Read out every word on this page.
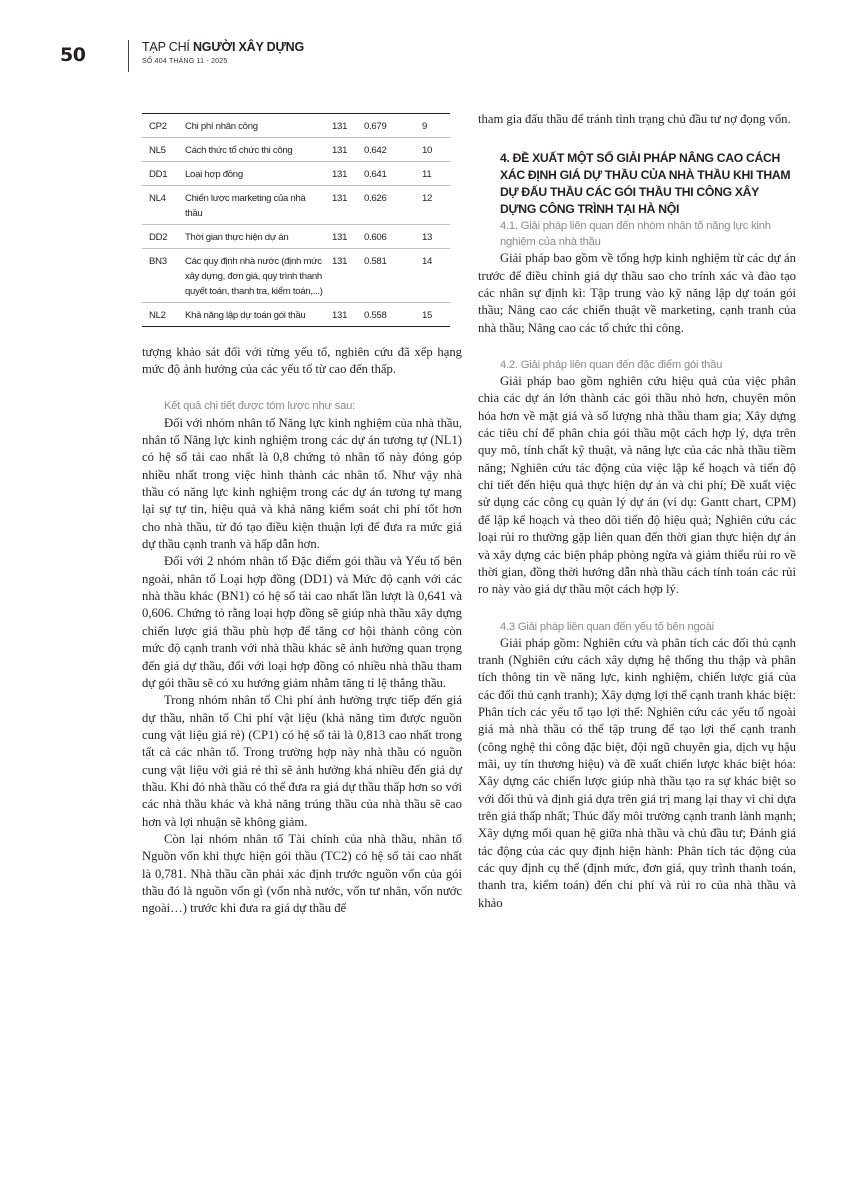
50	TẠP CHÍ NGƯỜI XÂY DỰNG
SỐ 404 THÁNG 11 - 2025
CP2	Chi phí nhân công	131	0.679	9
NL5	Cách thức tổ chức thi công	131	0.642	10
DD1	Loại hợp đồng	131	0.641	11
NL4	Chiến lược marketing của nhà thầu	131	0.626	12
DD2	Thời gian thực hiện dự án	131	0.606	13
BN3	Các quy định nhà nước (định mức xây dựng, đơn giá, quy trình thanh quyết toán, thanh tra, kiểm toán,...)	131	0.581	14
NL2	Khả năng lập dự toán gói thầu	131	0.558	15

tượng khảo sát đối với từng yếu tố, nghiên cứu đã xếp hạng mức độ ảnh hưởng của các yếu tố từ cao đến thấp.

Kết quả chi tiết được tóm lược như sau:

Đối với nhóm nhân tố Năng lực kinh nghiệm của nhà thầu, nhân tố Năng lực kinh nghiệm trong các dự án tương tự (NL1) có hệ số tải cao nhất là 0,8 chứng tỏ nhân tố này đóng góp nhiều nhất trong việc hình thành các nhân tố. Như vậy nhà thầu có năng lực kinh nghiệm trong các dự án tương tự mang lại sự tự tin, hiệu quả và khả năng kiểm soát chi phí tốt hơn cho nhà thầu, từ đó tạo điều kiện thuận lợi để đưa ra mức giá dự thầu cạnh tranh và hấp dẫn hơn.

Đối với 2 nhóm nhân tố Đặc điểm gói thầu và Yếu tố bên ngoài, nhân tố Loại hợp đồng (DD1) và Mức độ cạnh với các nhà thầu khác (BN1) có hệ số tải cao nhất lần lượt là 0,641 và 0,606. Chứng tỏ rằng loại hợp đồng sẽ giúp nhà thầu xây dựng chiến lược giá thầu phù hợp để tăng cơ hội thành công còn mức độ cạnh tranh với nhà thầu khác sẽ ảnh hưởng quan trọng đến giá dự thầu, đối với loại hợp đồng có nhiều nhà thầu tham dự gói thầu sẽ có xu hướng giảm nhằm tăng tỉ lệ thắng thầu.

Trong nhóm nhân tố Chi phí ảnh hưởng trực tiếp đến giá dự thầu, nhân tố Chi phí vật liệu (khả năng tìm được nguồn cung vật liệu giá rẻ) (CP1) có hệ số tải là 0,813 cao nhất trong tất cả các nhân tố. Trong trường hợp này nhà thầu có nguồn cung vật liệu với giá rẻ thì sẽ ảnh hưởng khá nhiều đến giá dự thầu. Khi đó nhà thầu có thể đưa ra giá dự thầu thấp hơn so với các nhà thầu khác và khả năng trúng thầu của nhà thầu sẽ cao hơn và lợi nhuận sẽ không giảm.

Còn lại nhóm nhân tố Tài chính của nhà thầu, nhân tố Nguồn vốn khi thực hiện gói thầu (TC2) có hệ số tải cao nhất là 0,781. Nhà thầu cần phải xác định trước nguồn vốn của gói thầu đó là nguồn vốn gì (vốn nhà nước, vốn tư nhân, vốn nước ngoài…) trước khi đưa ra giá dự thầu để

tham gia đấu thầu để tránh tình trạng chủ đầu tư nợ đọng vốn.

4. ĐỀ XUẤT MỘT SỐ GIẢI PHÁP NÂNG CAO CÁCH XÁC ĐỊNH GIÁ DỰ THẦU CỦA NHÀ THẦU KHI THAM DỰ ĐẤU THẦU CÁC GÓI THẦU THI CÔNG XÂY DỰNG CÔNG TRÌNH TẠI HÀ NỘI
4.1. Giải pháp liên quan đến nhóm nhân tố năng lực kinh nghiệm của nhà thầu

Giải pháp bao gồm về tổng hợp kinh nghiệm từ các dự án trước để điều chỉnh giá dự thầu sao cho trính xác và đào tạo các nhân sự định kì: Tập trung vào kỹ năng lập dự toán gói thầu; Nâng cao các chiến thuật về marketing, cạnh tranh của nhà thầu; Nâng cao các tổ chức thi công.

4.2. Giải pháp liên quan đến đặc điểm gói thầu

Giải pháp bao gồm nghiên cứu hiệu quả của việc phân chia các dự án lớn thành các gói thầu nhỏ hơn, chuyên môn hóa hơn về mặt giá và số lượng nhà thầu tham gia; Xây dựng các tiêu chí để phân chia gói thầu một cách hợp lý, dựa trên quy mô, tính chất kỹ thuật, và năng lực của các nhà thầu tiềm năng; Nghiên cứu tác động của việc lập kế hoạch và tiến độ chi tiết đến hiệu quả thực hiện dự án và chi phí; Đề xuất việc sử dụng các công cụ quản lý dự án (ví dụ: Gantt chart, CPM) để lập kế hoạch và theo dõi tiến độ hiệu quả; Nghiên cứu các loại rủi ro thường gặp liên quan đến thời gian thực hiện dự án và xây dựng các biện pháp phòng ngừa và giảm thiểu rủi ro về thời gian, đồng thời hướng dẫn nhà thầu cách tính toán các rủi ro này vào giá dự thầu một cách hợp lý.

4.3 Giải pháp liên quan đến yếu tố bên ngoài

Giải pháp gồm: Nghiên cứu và phân tích các đối thủ cạnh tranh (Nghiên cứu cách xây dựng hệ thống thu thập và phân tích thông tin về năng lực, kinh nghiệm, chiến lược giá của các đối thủ cạnh tranh); Xây dựng lợi thế cạnh tranh khác biệt: Phân tích các yếu tố tạo lợi thế: Nghiên cứu các yếu tố ngoài giá mà nhà thầu có thể tập trung để tạo lợi thế cạnh tranh (công nghệ thi công đặc biệt, đội ngũ chuyên gia, dịch vụ hậu mãi, uy tín thương hiệu) và đề xuất chiến lược khác biệt hóa: Xây dựng các chiến lược giúp nhà thầu tạo ra sự khác biệt so với đối thủ và định giá dựa trên giá trị mang lại thay vì chỉ dựa trên giá thấp nhất; Thúc đẩy môi trường cạnh tranh lành mạnh; Xây dựng mối quan hệ giữa nhà thầu và chủ đầu tư; Đánh giá tác động của các quy định hiện hành: Phân tích tác động của các quy định cụ thể (định mức, đơn giá, quy trình thanh toán, thanh tra, kiểm toán) đến chi phí và rủi ro của nhà thầu và khảo
